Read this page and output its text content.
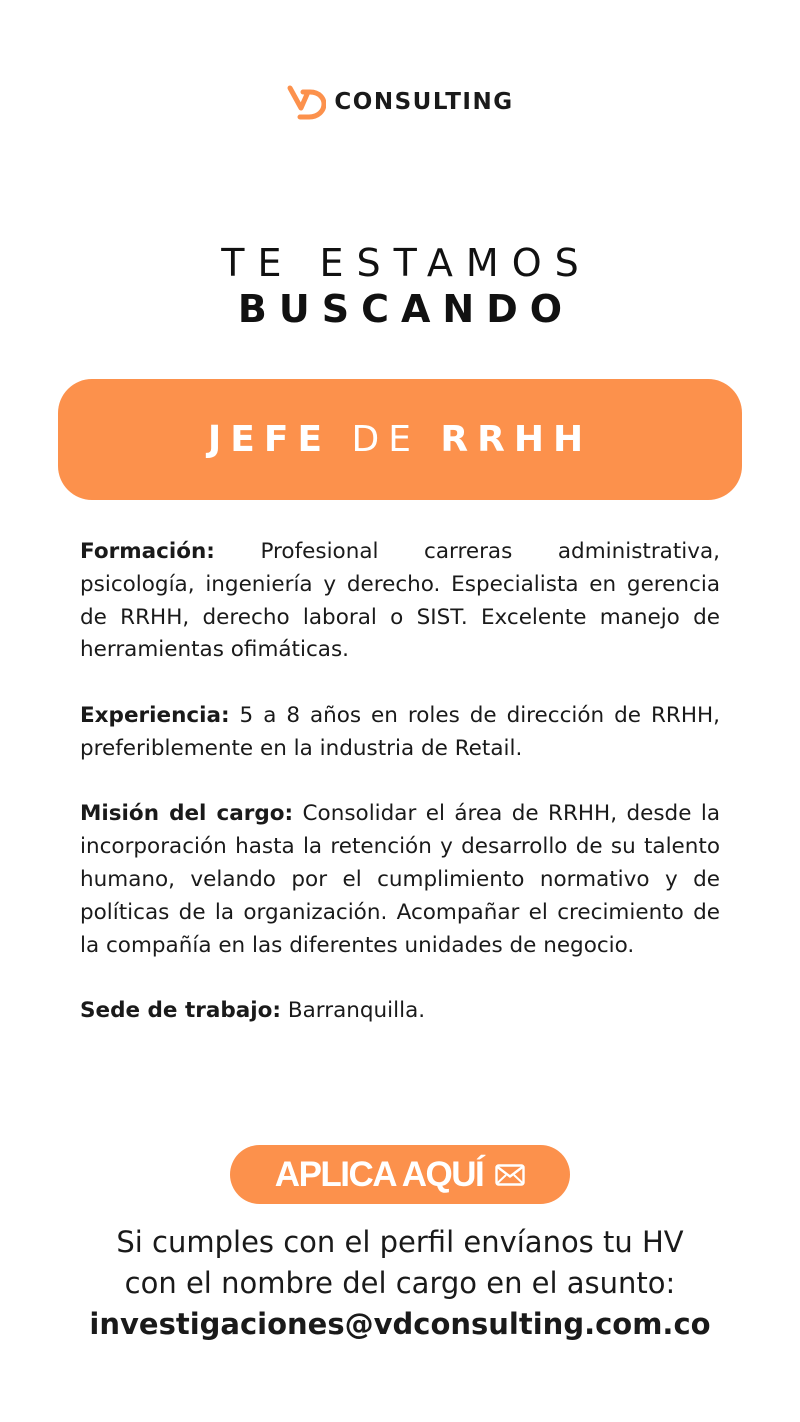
CONSULTING
TE ESTAMOS
BUSCANDO
JEFE DE RRHH

Formación: Profesional carreras administrativa, psicología, ingeniería y derecho. Especialista en gerencia de RRHH, derecho laboral o SIST. Excelente manejo de herramientas ofimáticas.

Experiencia: 5 a 8 años en roles de dirección de RRHH, preferiblemente en la industria de Retail.

Misión del cargo: Consolidar el área de RRHH, desde la incorporación hasta la retención y desarrollo de su talento humano, velando por el cumplimiento normativo y de políticas de la organización. Acompañar el crecimiento de la compañía en las diferentes unidades de negocio.

Sede de trabajo: Barranquilla.

APLICA AQUÍ
Si cumples con el perfil envíanos tu HV
con el nombre del cargo en el asunto:
investigaciones@vdconsulting.com.co
